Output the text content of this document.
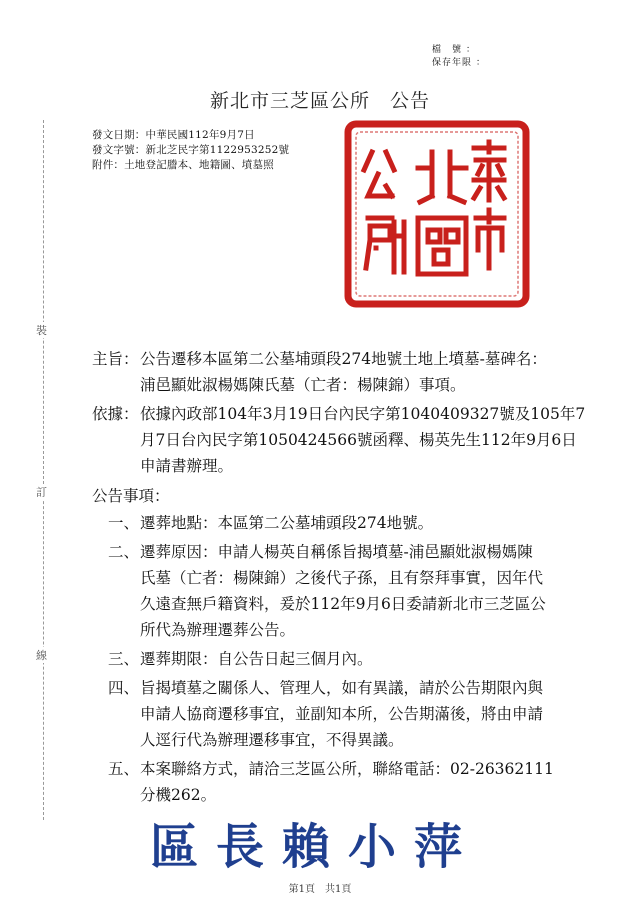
檔　號 ：
保存年限 ：
新北市三芝區公所　公告
發文日期：中華民國112年9月7日
發文字號：新北芝民字第1122953252號
附件：土地登記謄本、地籍圖、墳墓照
裝
訂
線
主旨： 公告遷移本區第二公墓埔頭段274地號土地上墳墓-墓碑名：
浦邑顯妣淑楊媽陳氏墓（亡者：楊陳錦）事項。
依據： 依據內政部104年3月19日台內民字第1040409327號及105年7
月7日台內民字第1050424566號函釋、楊英先生112年9月6日
申請書辦理。
公告事項：
一、 遷葬地點：本區第二公墓埔頭段274地號。
二、 遷葬原因：申請人楊英自稱係旨揭墳墓-浦邑顯妣淑楊媽陳
氏墓（亡者：楊陳錦）之後代子孫，且有祭拜事實，因年代
久遠查無戶籍資料，爰於112年9月6日委請新北市三芝區公
所代為辦理遷葬公告。
三、 遷葬期限：自公告日起三個月內。
四、 旨揭墳墓之關係人、管理人，如有異議，請於公告期限內與
申請人協商遷移事宜，並副知本所，公告期滿後，將由申請
人逕行代為辦理遷移事宜，不得異議。
五、 本案聯絡方式，請洽三芝區公所，聯絡電話：02-26362111
分機262。
區長賴小萍
第1頁　共1頁
